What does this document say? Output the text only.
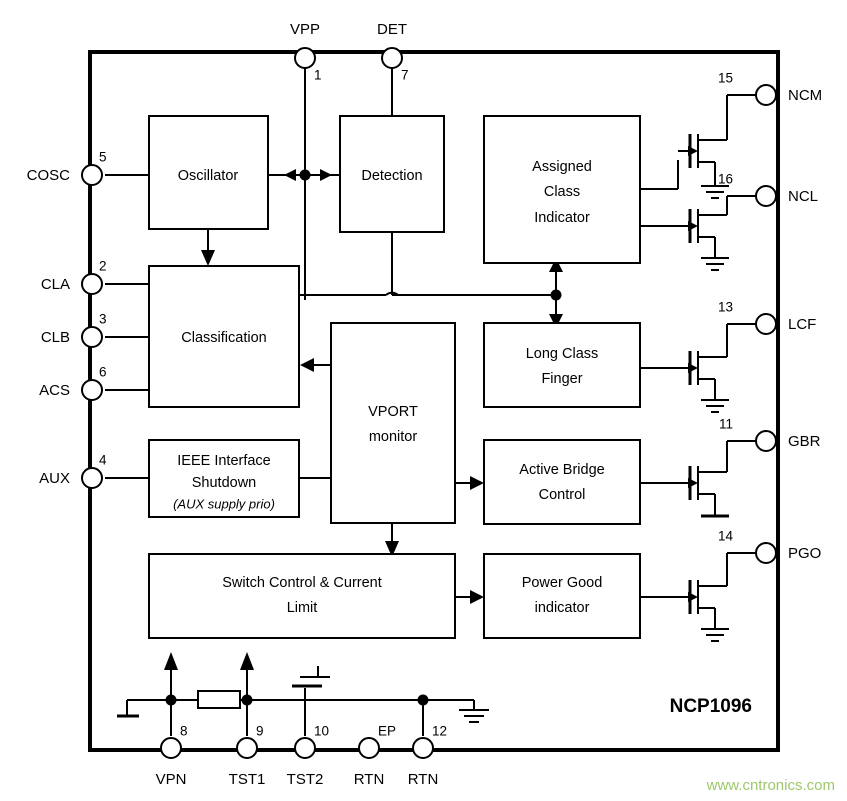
Oscillator	Detection
Assigned
Class
Indicator
Classification
VPORT
monitor
Long Class
Finger
IEEE Interface
Shutdown
(AUX supply prio)
Active Bridge
Control
Switch Control & Current
Limit
Power Good
indicator
VPP
1
DET
7
COSC
5
CLA
2
CLB
3
ACS
6
AUX
4
NCM
15
NCL
16
LCF
13
GBR
11
PGO
14
8
VPN
9
TST1
10
TST2
EP
RTN
12
RTN
NCP1096
www.cntronics.com
